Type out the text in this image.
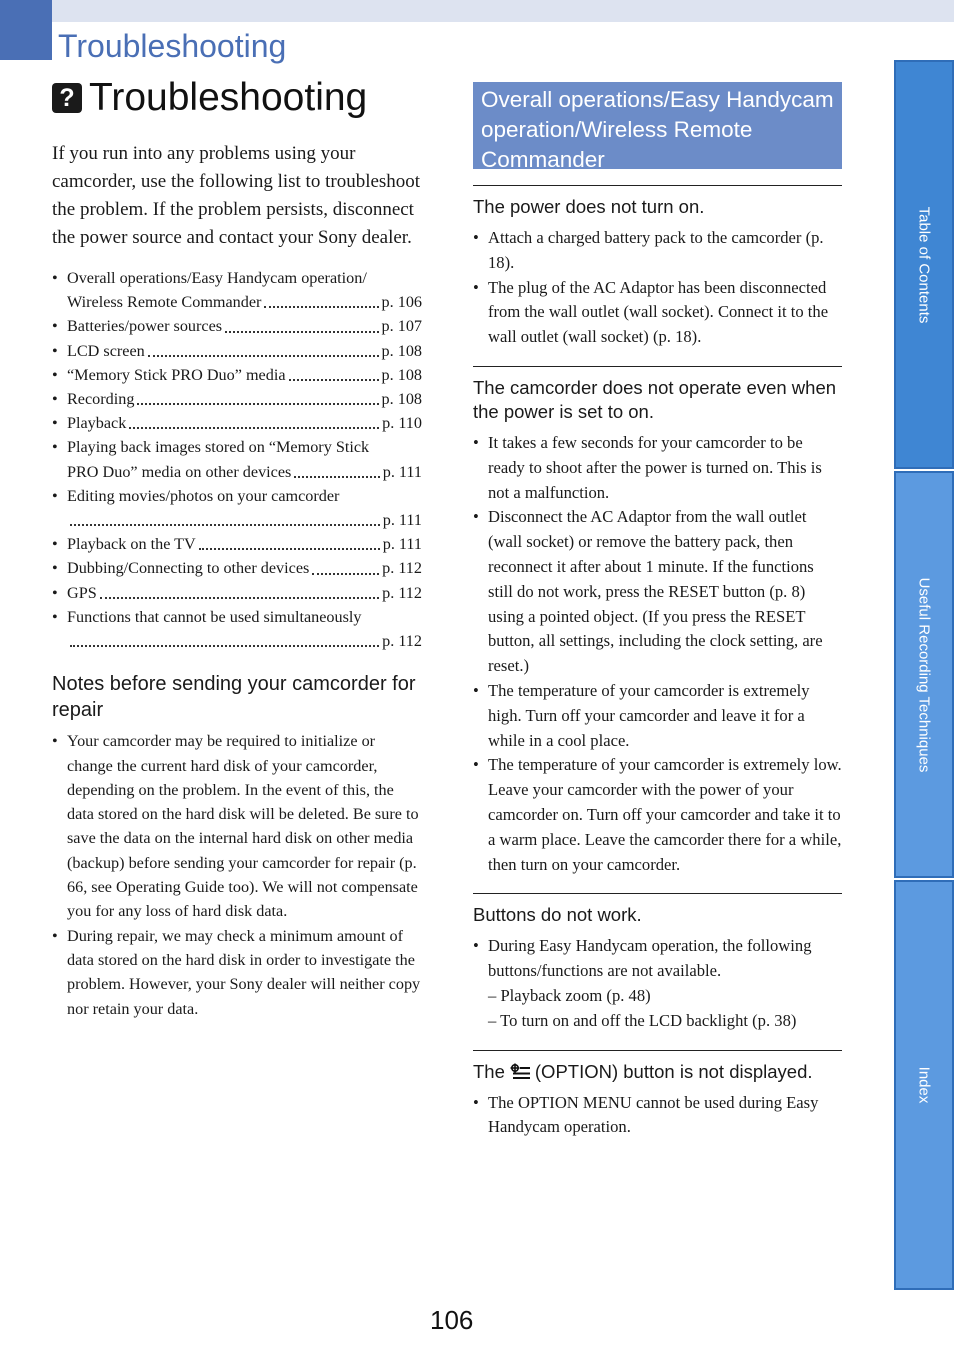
Troubleshooting
? Troubleshooting

If you run into any problems using your camcorder, use the following list to troubleshoot the problem. If the problem persists, disconnect the power source and contact your Sony dealer.

• Overall operations/Easy Handycam operation/
Wireless Remote Commander	p. 106
• Batteries/power sources	p. 107
• LCD screen	p. 108
• “Memory Stick PRO Duo” media	p. 108
• Recording	p. 108
• Playback	p. 110
• Playing back images stored on “Memory Stick
PRO Duo” media on other devices	p. 111
• Editing movies/photos on your camcorder
p. 111
• Playback on the TV	p. 111
• Dubbing/Connecting to other devices	p. 112
• GPS	p. 112
• Functions that cannot be used simultaneously
p. 112
Notes before sending your camcorder for repair
• Your camcorder may be required to initialize or change the current hard disk of your camcorder, depending on the problem. In the event of this, the data stored on the hard disk will be deleted. Be sure to save the data on the internal hard disk on other media (backup) before sending your camcorder for repair (p. 66, see Operating Guide too). We will not compensate you for any loss of hard disk data.
• During repair, we may check a minimum amount of data stored on the hard disk in order to investigate the problem. However, your Sony dealer will neither copy nor retain your data.
Overall operations/Easy Handycam operation/Wireless Remote Commander
The power does not turn on.
• Attach a charged battery pack to the camcorder (p. 18).
• The plug of the AC Adaptor has been disconnected from the wall outlet (wall socket). Connect it to the wall outlet (wall socket) (p. 18).
The camcorder does not operate even when the power is set to on.
• It takes a few seconds for your camcorder to be ready to shoot after the power is turned on. This is not a malfunction.
• Disconnect the AC Adaptor from the wall outlet (wall socket) or remove the battery pack, then reconnect it after about 1 minute. If the functions still do not work, press the RESET button (p. 8) using a pointed object. (If you press the RESET button, all settings, including the clock setting, are reset.)
• The temperature of your camcorder is extremely high. Turn off your camcorder and leave it for a while in a cool place.
• The temperature of your camcorder is extremely low. Leave your camcorder with the power of your camcorder on. Turn off your camcorder and take it to a warm place. Leave the camcorder there for a while, then turn on your camcorder.
Buttons do not work.
• During Easy Handycam operation, the following buttons/functions are not available.
– Playback zoom (p. 48)
– To turn on and off the LCD backlight (p. 38)
The (OPTION) button is not displayed.
• The OPTION MENU cannot be used during Easy Handycam operation.
Table of Contents
Useful Recording Techniques
Index
106
